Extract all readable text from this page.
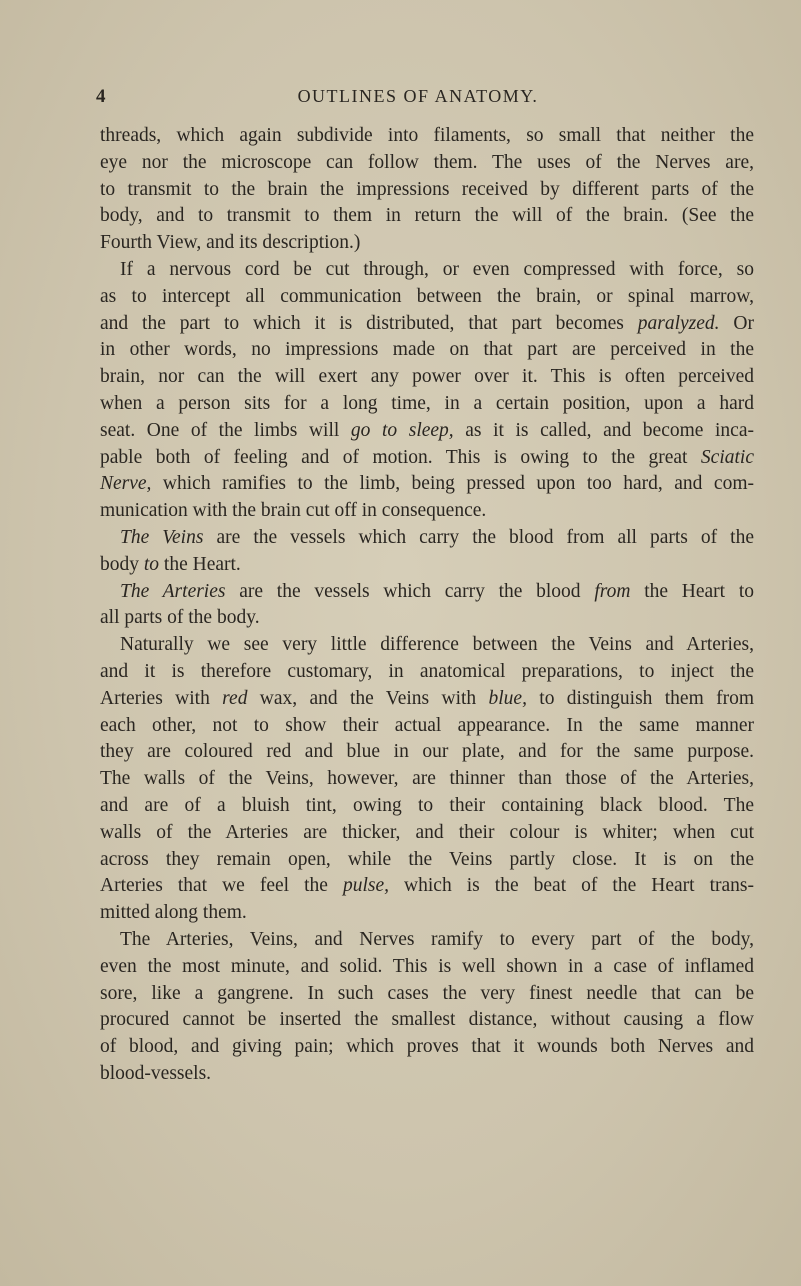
4	OUTLINES OF ANATOMY.
threads, which again subdivide into filaments, so small that neither the
eye nor the microscope can follow them. The uses of the Nerves are,
to transmit to the brain the impressions received by different parts of the
body, and to transmit to them in return the will of the brain. (See the
Fourth View, and its description.)
If a nervous cord be cut through, or even compressed with force, so
as to intercept all communication between the brain, or spinal marrow,
and the part to which it is distributed, that part becomes paralyzed. Or
in other words, no impressions made on that part are perceived in the
brain, nor can the will exert any power over it. This is often perceived
when a person sits for a long time, in a certain position, upon a hard
seat. One of the limbs will go to sleep, as it is called, and become inca-
pable both of feeling and of motion. This is owing to the great Sciatic
Nerve, which ramifies to the limb, being pressed upon too hard, and com-
munication with the brain cut off in consequence.
The Veins are the vessels which carry the blood from all parts of the
body to the Heart.
The Arteries are the vessels which carry the blood from the Heart to
all parts of the body.
Naturally we see very little difference between the Veins and Arteries,
and it is therefore customary, in anatomical preparations, to inject the
Arteries with red wax, and the Veins with blue, to distinguish them from
each other, not to show their actual appearance. In the same manner
they are coloured red and blue in our plate, and for the same purpose.
The walls of the Veins, however, are thinner than those of the Arteries,
and are of a bluish tint, owing to their containing black blood. The
walls of the Arteries are thicker, and their colour is whiter; when cut
across they remain open, while the Veins partly close. It is on the
Arteries that we feel the pulse, which is the beat of the Heart trans-
mitted along them.
The Arteries, Veins, and Nerves ramify to every part of the body,
even the most minute, and solid. This is well shown in a case of inflamed
sore, like a gangrene. In such cases the very finest needle that can be
procured cannot be inserted the smallest distance, without causing a flow
of blood, and giving pain; which proves that it wounds both Nerves and
blood-vessels.
